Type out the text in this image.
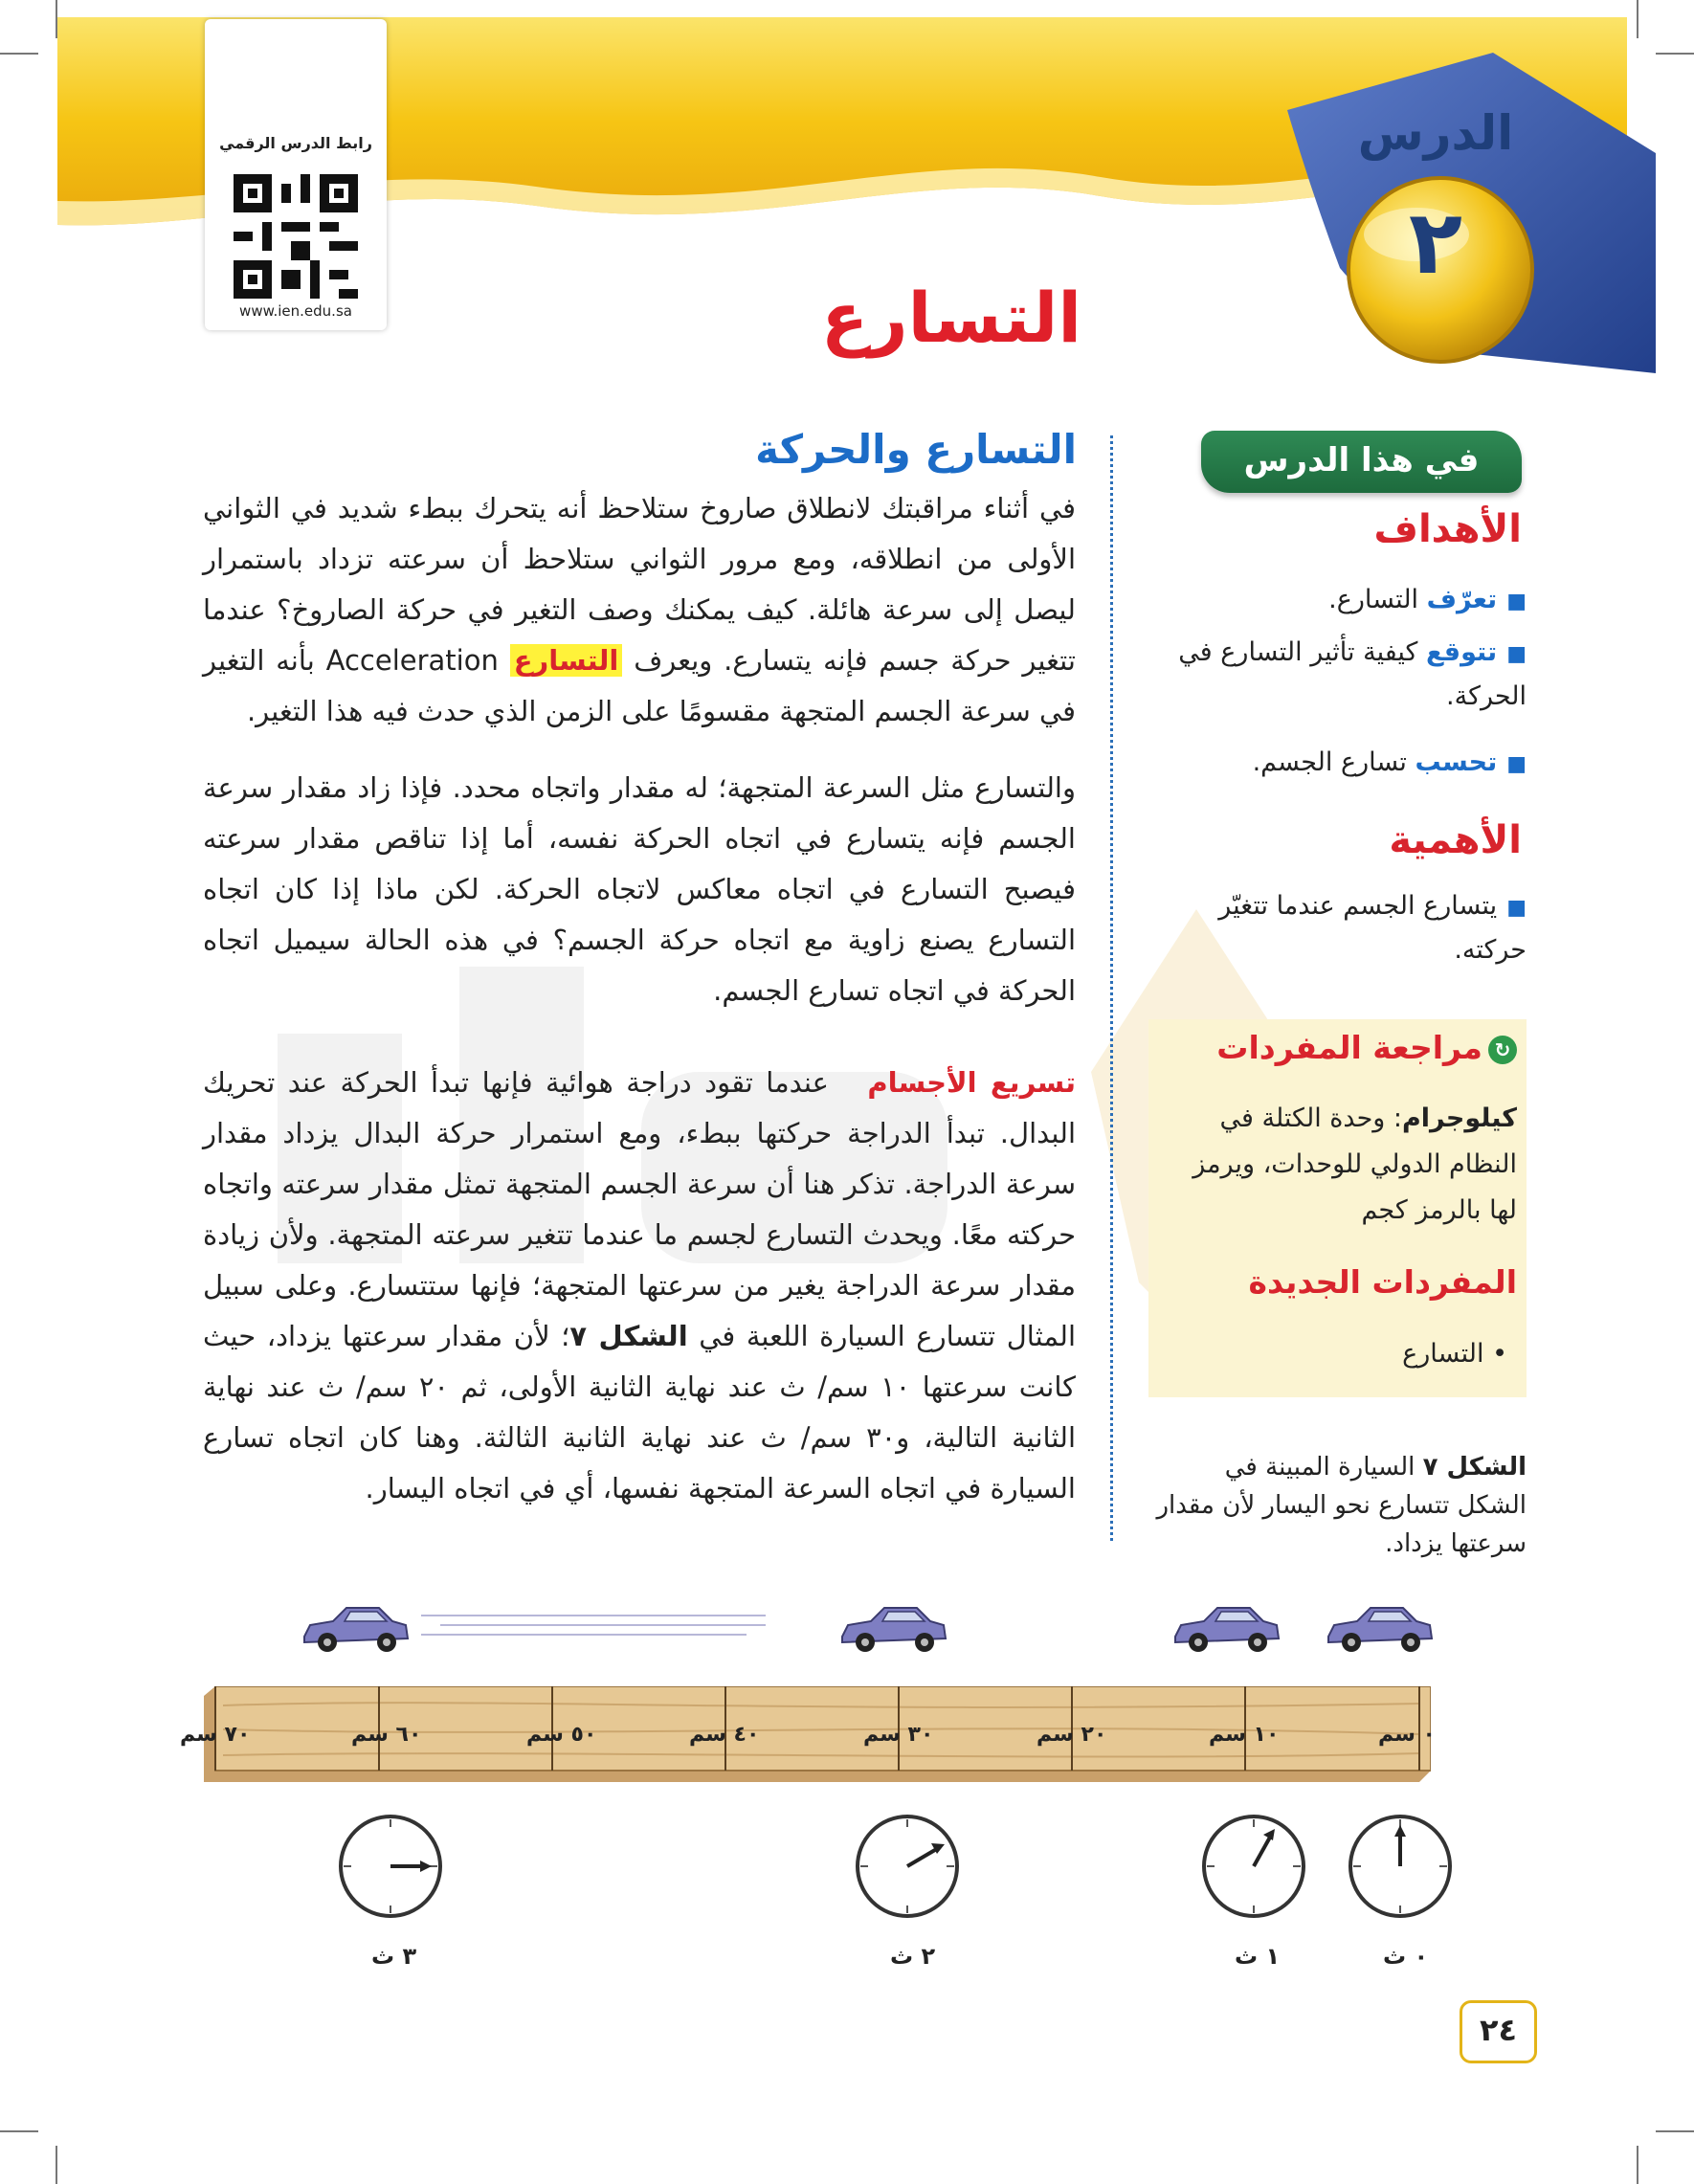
رابط الدرس الرقمي
www.ien.edu.sa
الدرس
٢
التسارع
في هذا الدرس
الأهداف
■تعرّف التسارع.
■تتوقع كيفية تأثير التسارع في الحركة.
■تحسب تسارع الجسم.
الأهمية
■يتسارع الجسم عندما تتغيّر حركته.
↻مراجعة المفردات
كيلوجرام: وحدة الكتلة في النظام الدولي للوحدات، ويرمز لها بالرمز كجم
المفردات الجديدة
• التسارع
الشكل ٧ السيارة المبينة في الشكل تتسارع نحو اليسار لأن مقدار سرعتها يزداد.
التسارع والحركة
في أثناء مراقبتك لانطلاق صاروخ ستلاحظ أنه يتحرك ببطء شديد في الثواني الأولى من انطلاقه، ومع مرور الثواني ستلاحظ أن سرعته تزداد باستمرار ليصل إلى سرعة هائلة. كيف يمكنك وصف التغير في حركة الصاروخ؟ عندما تتغير حركة جسم فإنه يتسارع. ويعرف التسارع Acceleration بأنه التغير في سرعة الجسم المتجهة مقسومًا على الزمن الذي حدث فيه هذا التغير.
والتسارع مثل السرعة المتجهة؛ له مقدار واتجاه محدد. فإذا زاد مقدار سرعة الجسم فإنه يتسارع في اتجاه الحركة نفسه، أما إذا تناقص مقدار سرعته فيصبح التسارع في اتجاه معاكس لاتجاه الحركة. لكن ماذا إذا كان اتجاه التسارع يصنع زاوية مع اتجاه حركة الجسم؟ في هذه الحالة سيميل اتجاه الحركة في اتجاه تسارع الجسم.
تسريع الأجسام   عندما تقود دراجة هوائية فإنها تبدأ الحركة عند تحريك البدال. تبدأ الدراجة حركتها ببطء، ومع استمرار حركة البدال يزداد مقدار سرعة الدراجة. تذكر هنا أن سرعة الجسم المتجهة تمثل مقدار سرعته واتجاه حركته معًا. ويحدث التسارع لجسم ما عندما تتغير سرعته المتجهة. ولأن زيادة مقدار سرعة الدراجة يغير من سرعتها المتجهة؛ فإنها ستتسارع. وعلى سبيل المثال تتسارع السيارة اللعبة في الشكل ٧؛ لأن مقدار سرعتها يزداد، حيث كانت سرعتها ١٠ سم/ ث عند نهاية الثانية الأولى، ثم ٢٠ سم/ ث عند نهاية الثانية التالية، و٣٠ سم/ ث عند نهاية الثانية الثالثة. وهنا كان اتجاه تسارع السيارة في اتجاه السرعة المتجهة نفسها، أي في اتجاه اليسار.
٠ سم
١٠ سم
٢٠ سم
٣٠ سم
٤٠ سم
٥٠ سم
٦٠ سم
٧٠ سم
٠ ث
١ ث
٢ ث
٣ ث
٢٤
